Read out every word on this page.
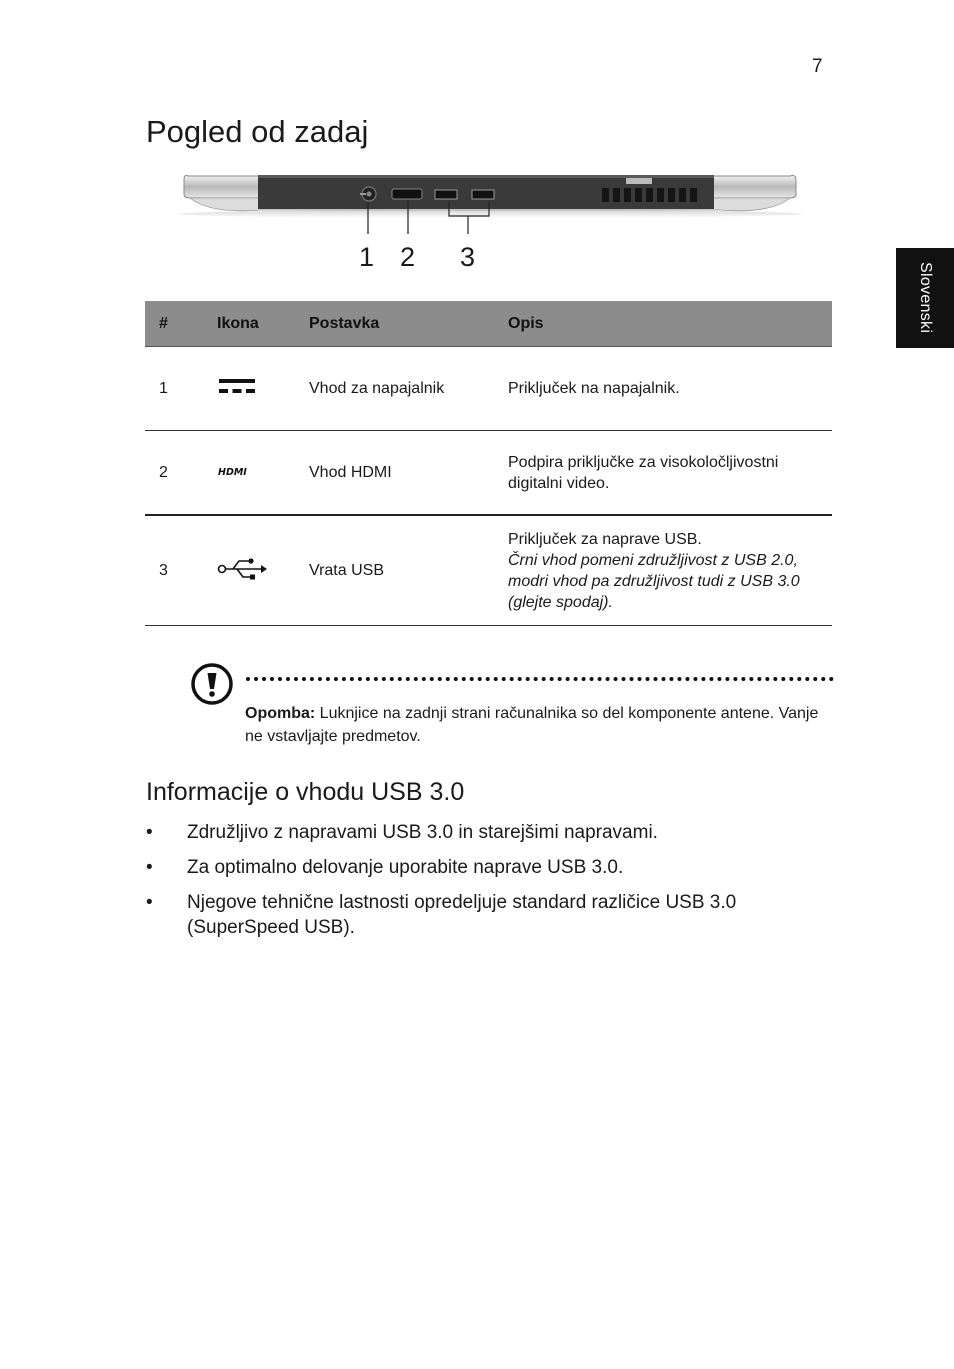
7
Slovenski
Pogled od zadaj
1 2 3
#	Ikona	Postavka	Opis
1		Vhod za napajalnik	Priključek na napajalnik.

2	HDMI	Vhod HDMI	Podpira priključke za visokoločljivostni digitalni video.

3		Vrata USB	Priključek za naprave USB.
Črni vhod pomeni združljivost z USB 2.0, modri vhod pa združljivost tudi z USB 3.0 (glejte spodaj).
Opomba: Luknjice na zadnji strani računalnika so del komponente antene. Vanje ne vstavljajte predmetov.
Informacije o vhodu USB 3.0
• Združljivo z napravami USB 3.0 in starejšimi napravami.
• Za optimalno delovanje uporabite naprave USB 3.0.
• Njegove tehnične lastnosti opredeljuje standard različice USB 3.0 (SuperSpeed USB).
